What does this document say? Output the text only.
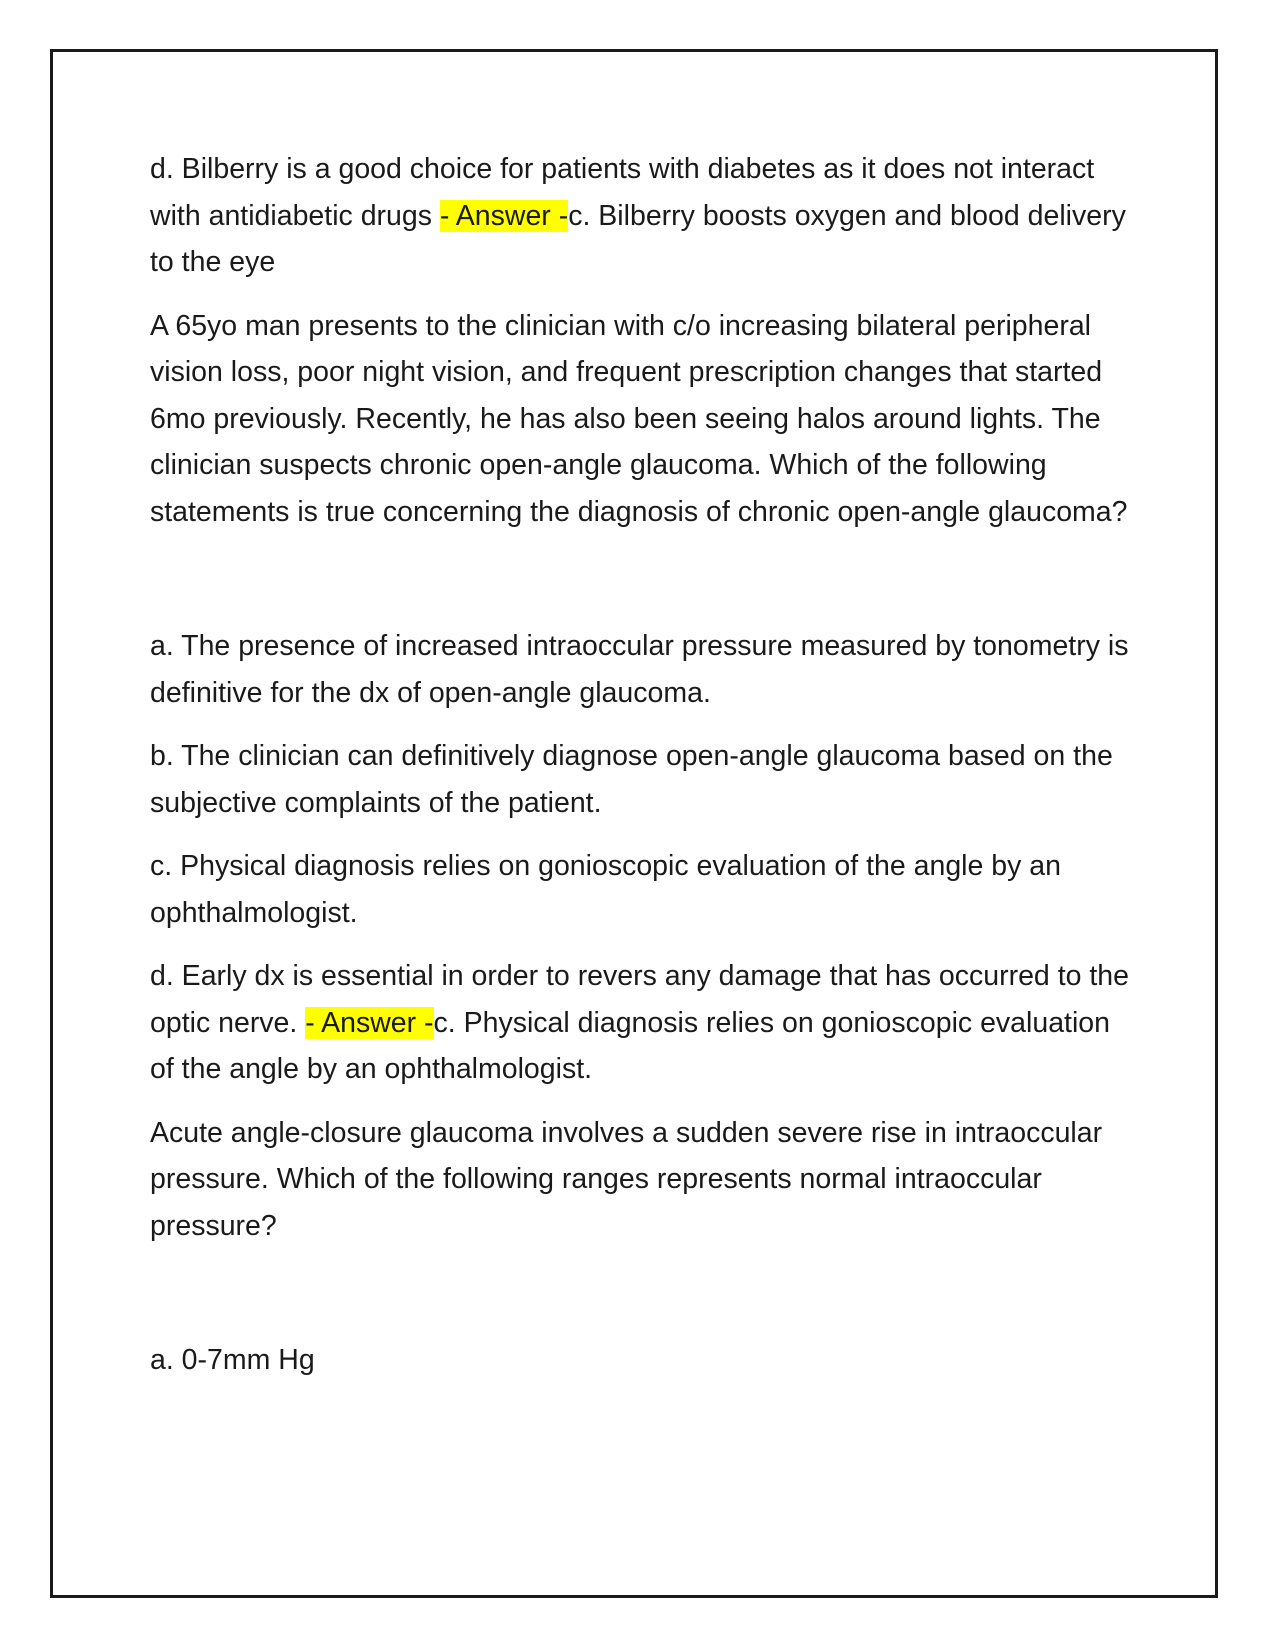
d. Bilberry is a good choice for patients with diabetes as it does not interact with antidiabetic drugs - Answer -c. Bilberry boosts oxygen and blood delivery to the eye

A 65yo man presents to the clinician with c/o increasing bilateral peripheral vision loss, poor night vision, and frequent prescription changes that started 6mo previously. Recently, he has also been seeing halos around lights. The clinician suspects chronic open-angle glaucoma. Which of the following statements is true concerning the diagnosis of chronic open-angle glaucoma?

a. The presence of increased intraoccular pressure measured by tonometry is definitive for the dx of open-angle glaucoma.

b. The clinician can definitively diagnose open-angle glaucoma based on the subjective complaints of the patient.

c. Physical diagnosis relies on gonioscopic evaluation of the angle by an ophthalmologist.

d. Early dx is essential in order to revers any damage that has occurred to the optic nerve. - Answer -c. Physical diagnosis relies on gonioscopic evaluation of the angle by an ophthalmologist.

Acute angle-closure glaucoma involves a sudden severe rise in intraoccular pressure. Which of the following ranges represents normal intraoccular pressure?

a. 0-7mm Hg
